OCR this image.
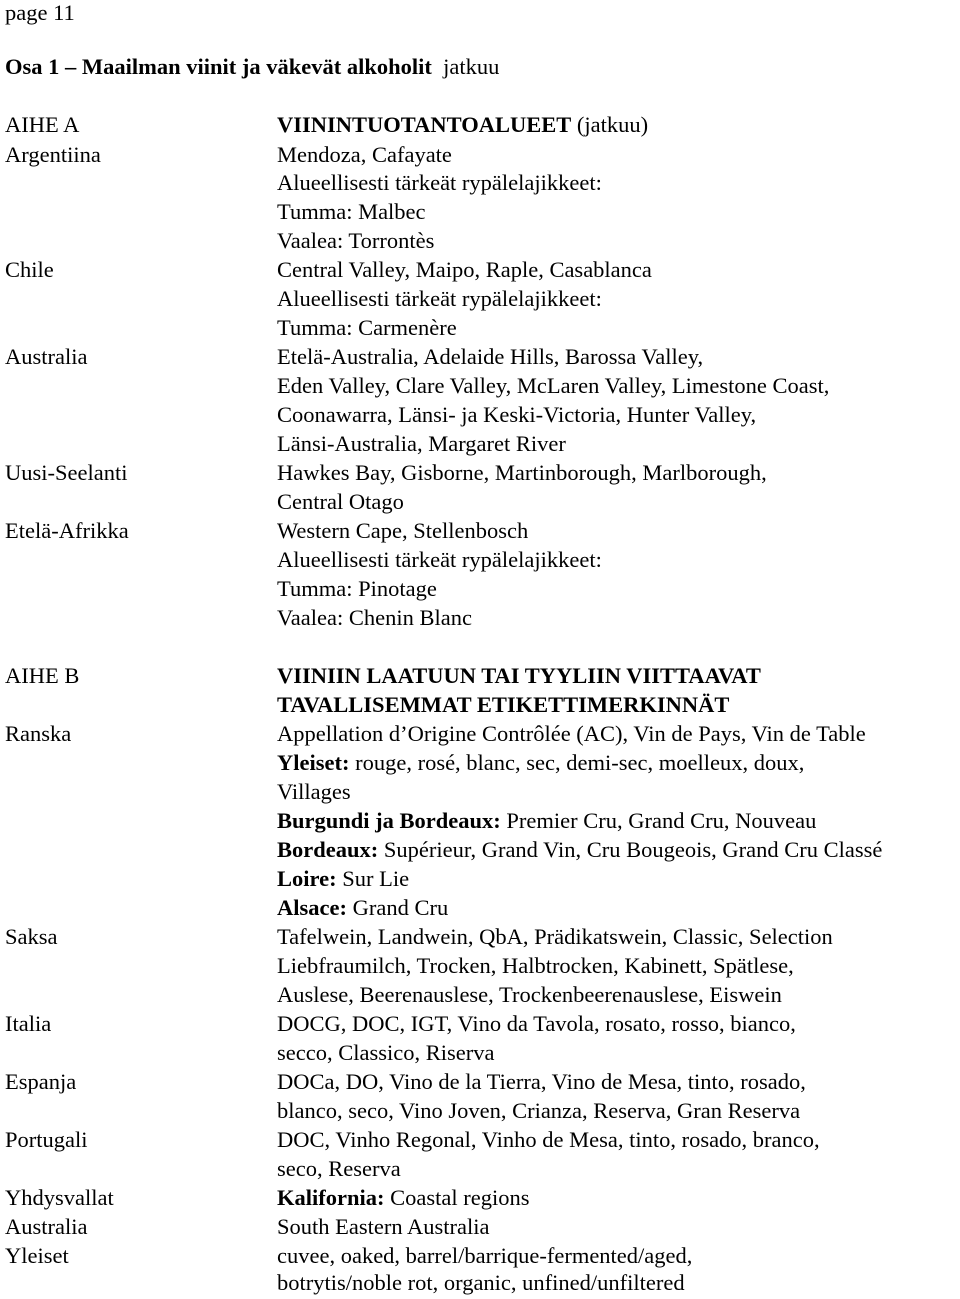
page 11
Osa 1 – Maailman viinit ja väkevät alkoholit jatkuu
AIHE A
Argentiina
Chile
Australia
Uusi-Seelanti
Etelä-Afrikka
VIININTUOTANTOALUEET (jatkuu)
Mendoza, Cafayate
Alueellisesti tärkeät rypälelajikkeet:
Tumma: Malbec
Vaalea: Torrontès
Central Valley, Maipo, Raple, Casablanca
Alueellisesti tärkeät rypälelajikkeet:
Tumma: Carmenère
Etelä-Australia, Adelaide Hills, Barossa Valley,
Eden Valley, Clare Valley, McLaren Valley, Limestone Coast,
Coonawarra, Länsi- ja Keski-Victoria, Hunter Valley,
Länsi-Australia, Margaret River
Hawkes Bay, Gisborne, Martinborough, Marlborough,
Central Otago
Western Cape, Stellenbosch
Alueellisesti tärkeät rypälelajikkeet:
Tumma: Pinotage
Vaalea: Chenin Blanc
AIHE B
Ranska
Saksa
Italia
Espanja
Portugali
Yhdysvallat
Australia
Yleiset
VIINIIN LAATUUN TAI TYYLIIN VIITTAAVAT
TAVALLISEMMAT ETIKETTIMERKINNÄT
Appellation d’Origine Contrôlée (AC), Vin de Pays, Vin de Table
Yleiset: rouge, rosé, blanc, sec, demi-sec, moelleux, doux,
Villages
Burgundi ja Bordeaux: Premier Cru, Grand Cru, Nouveau
Bordeaux: Supérieur, Grand Vin, Cru Bougeois, Grand Cru Classé
Loire: Sur Lie
Alsace: Grand Cru
Tafelwein, Landwein, QbA, Prädikatswein, Classic, Selection
Liebfraumilch, Trocken, Halbtrocken, Kabinett, Spätlese,
Auslese, Beerenauslese, Trockenbeerenauslese, Eiswein
DOCG, DOC, IGT, Vino da Tavola, rosato, rosso, bianco,
secco, Classico, Riserva
DOCa, DO, Vino de la Tierra, Vino de Mesa, tinto, rosado,
blanco, seco, Vino Joven, Crianza, Reserva, Gran Reserva
DOC, Vinho Regonal, Vinho de Mesa, tinto, rosado, branco,
seco, Reserva
Kalifornia: Coastal regions
South Eastern Australia
cuvee, oaked, barrel/barrique-fermented/aged,
botrytis/noble rot, organic, unfined/unfiltered
